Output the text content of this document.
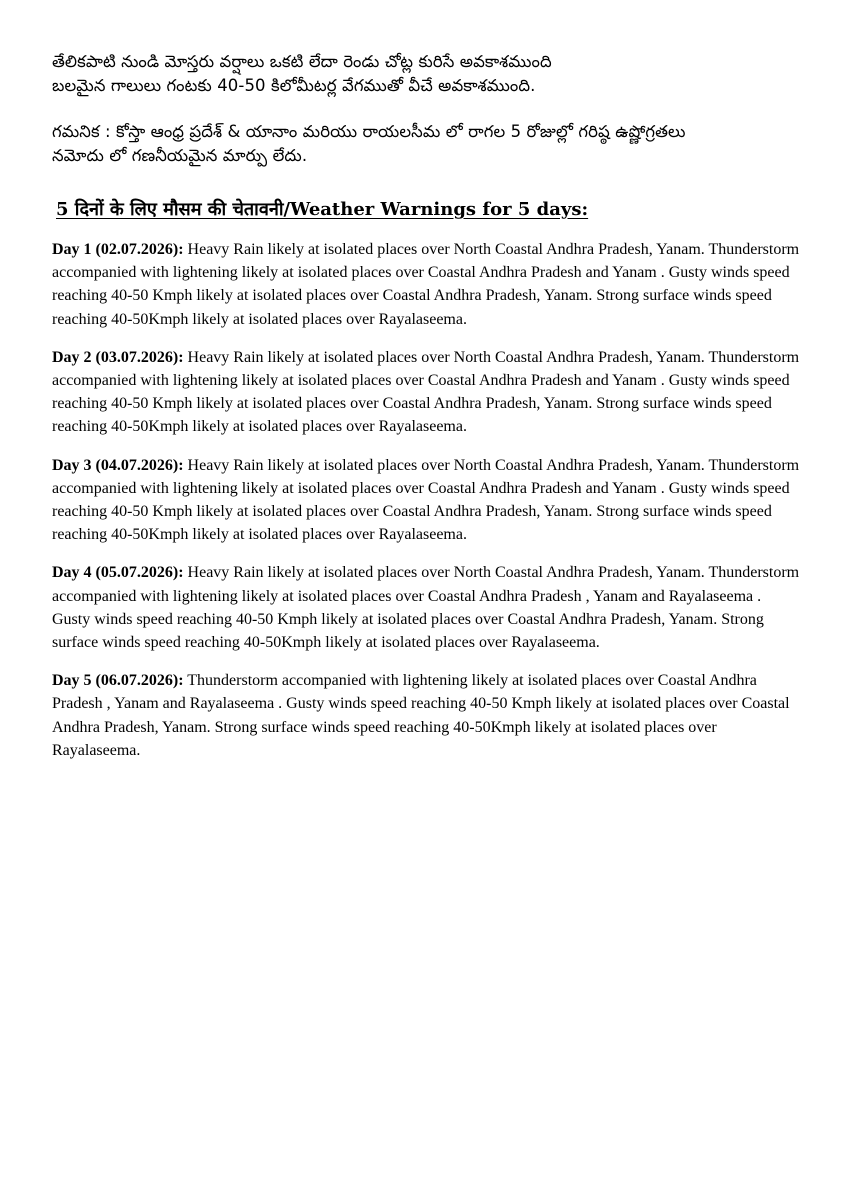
తేలికపాటి నుండి మోస్తరు వర్షాలు ఒకటి లేదా రెండు చోట్ల కురిసే అవకాశముంది

బలమైన గాలులు గంటకు 40-50 కిలోమీటర్ల వేగముతో వీచే అవకాశముంది.

గమనిక : కోస్తా ఆంధ్ర ప్రదేశ్ & యానాం మరియు రాయలసీమ లో రాగల 5 రోజుల్లో గరిష్ఠ ఉష్ణోగ్రతలు

నమోదు లో గణనీయమైన మార్పు లేదు.

5 दिनों के लिए मौसम की चेतावनी/Weather Warnings for 5 days:

Day 1 (02.07.2026): Heavy Rain likely at isolated places over North Coastal Andhra Pradesh, Yanam. Thunderstorm accompanied with lightening likely at isolated places over Coastal Andhra Pradesh and Yanam . Gusty winds speed reaching 40-50 Kmph likely at isolated places over Coastal Andhra Pradesh, Yanam. Strong surface winds speed reaching 40-50Kmph likely at isolated places over Rayalaseema.

Day 2 (03.07.2026): Heavy Rain likely at isolated places over North Coastal Andhra Pradesh, Yanam. Thunderstorm accompanied with lightening likely at isolated places over Coastal Andhra Pradesh and Yanam . Gusty winds speed reaching 40-50 Kmph likely at isolated places over Coastal Andhra Pradesh, Yanam. Strong surface winds speed reaching 40-50Kmph likely at isolated places over Rayalaseema.

Day 3 (04.07.2026): Heavy Rain likely at isolated places over North Coastal Andhra Pradesh, Yanam. Thunderstorm accompanied with lightening likely at isolated places over Coastal Andhra Pradesh and Yanam . Gusty winds speed reaching 40-50 Kmph likely at isolated places over Coastal Andhra Pradesh, Yanam. Strong surface winds speed reaching 40-50Kmph likely at isolated places over Rayalaseema.

Day 4 (05.07.2026): Heavy Rain likely at isolated places over North Coastal Andhra Pradesh, Yanam. Thunderstorm accompanied with lightening likely at isolated places over Coastal Andhra Pradesh , Yanam and Rayalaseema . Gusty winds speed reaching 40-50 Kmph likely at isolated places over Coastal Andhra Pradesh, Yanam. Strong surface winds speed reaching 40-50Kmph likely at isolated places over Rayalaseema.

Day 5 (06.07.2026): Thunderstorm accompanied with lightening likely at isolated places over Coastal Andhra Pradesh , Yanam and Rayalaseema . Gusty winds speed reaching 40-50 Kmph likely at isolated places over Coastal Andhra Pradesh, Yanam. Strong surface winds speed reaching 40-50Kmph likely at isolated places over Rayalaseema.
